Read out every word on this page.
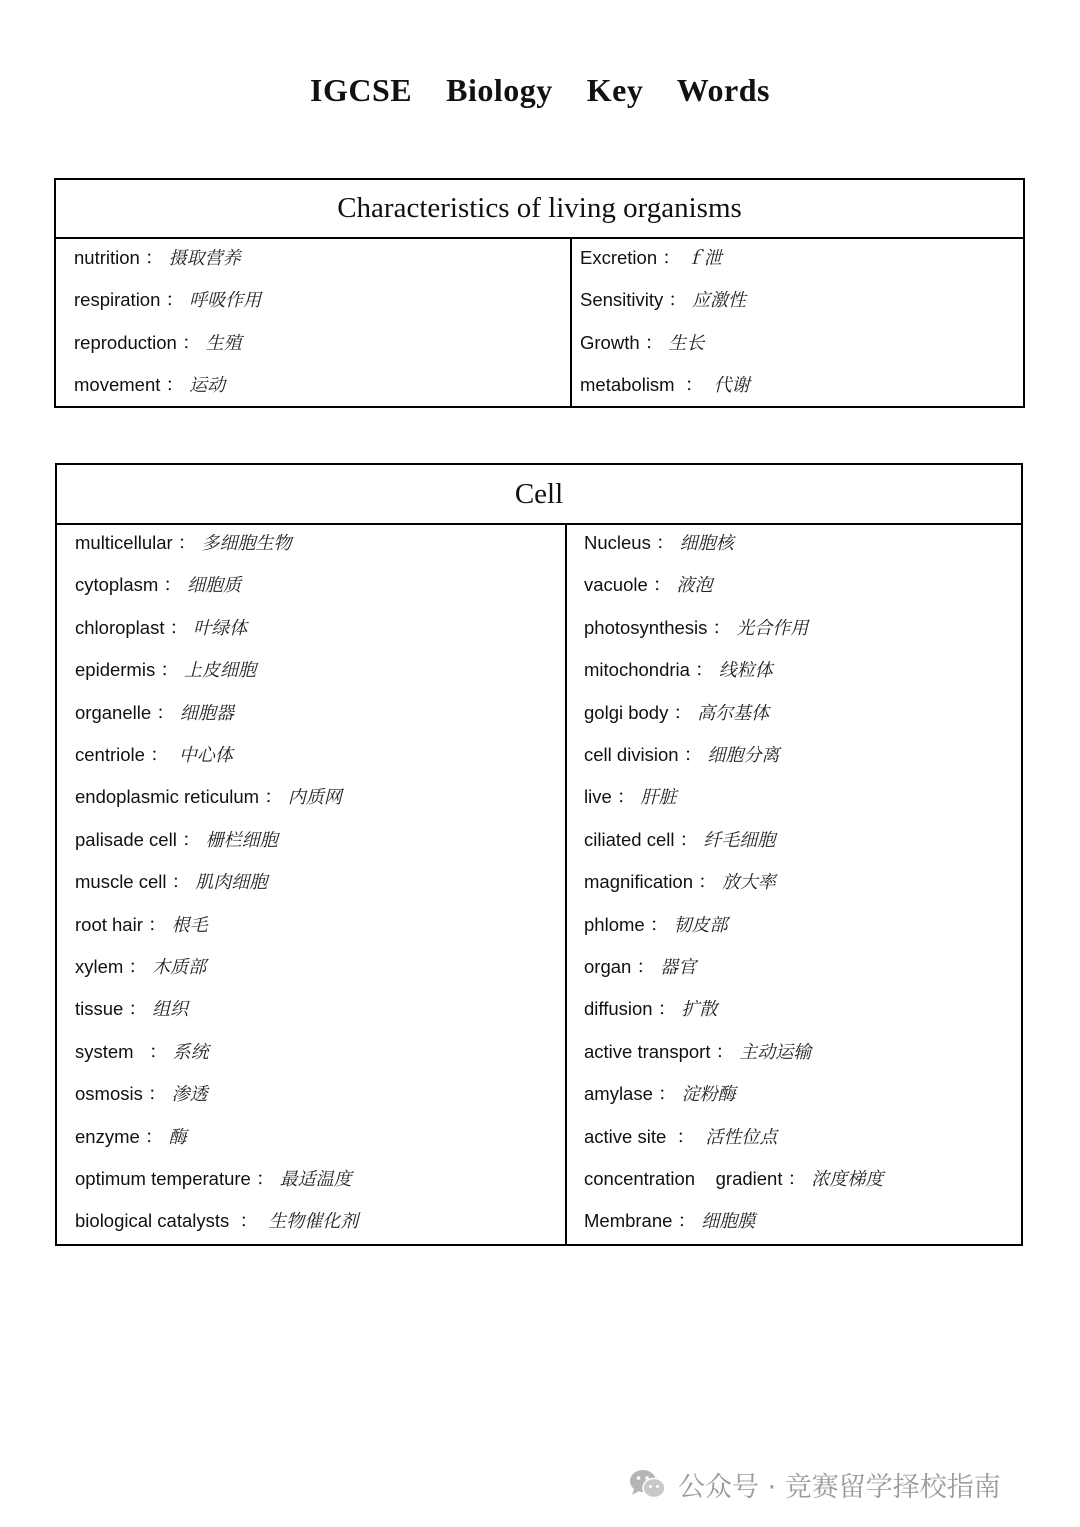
IGCSE    Biology    Key    Words
Characteristics of living organisms
nutrition ： 摄取营养
respiration ： 呼吸作用
reproduction ： 生殖
movement ： 运动
Excretion ： ｆ泄
Sensitivity ： 应激性
Growth ： 生长
metabolism  ：  代谢
Cell
multicellular ： 多细胞生物
cytoplasm ： 细胞质
chloroplast ： 叶绿体
epidermis ： 上皮细胞
organelle ： 细胞器
centriole ：  中心体
endoplasmic reticulum ： 内质网
palisade cell ： 栅栏细胞
muscle cell ： 肌肉细胞
root hair ： 根毛
xylem ： 木质部
tissue ： 组织
system   ： 系统
osmosis ： 渗透
enzyme ： 酶
optimum temperature ： 最适温度
biological catalysts  ：  生物催化剂
Nucleus ： 细胞核
vacuole ： 液泡
photosynthesis ： 光合作用
mitochondria ： 线粒体
golgi body ： 高尔基体
cell division ： 细胞分离
live ： 肝脏
ciliated cell ： 纤毛细胞
magnification ： 放大率
phlome ： 韧皮部
organ ： 器官
diffusion ： 扩散
active transport ： 主动运输
amylase ： 淀粉酶
active site  ：  活性位点
concentration    gradient ： 浓度梯度
Membrane ： 细胞膜
公众号 · 竞赛留学择校指南
